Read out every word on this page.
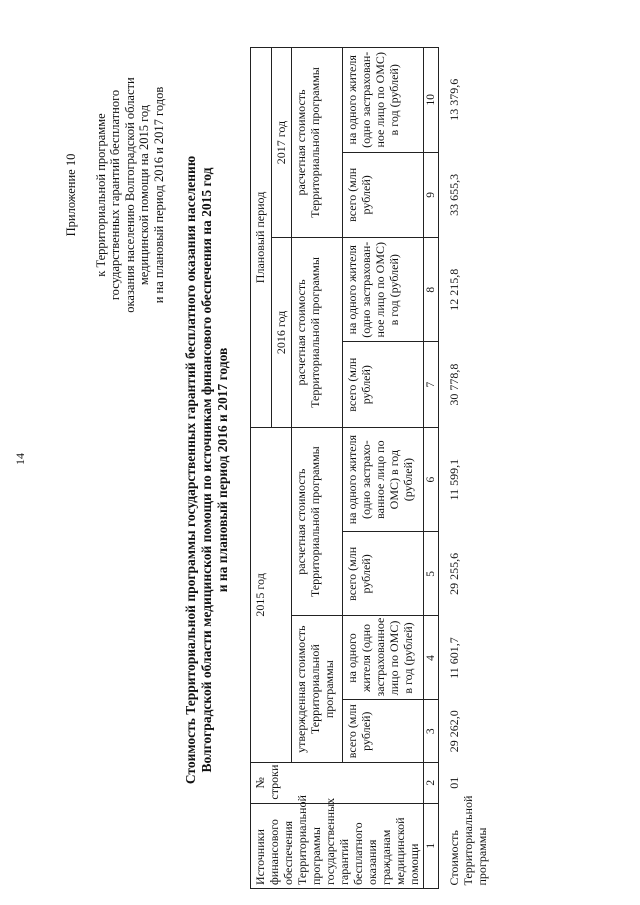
14
Приложение 10 к Территориальной программе государственных гарантий бесплатного оказания населению Волгоградской области медицинской помощи на 2015 год и на плановый период 2016 и 2017 годов Стоимость Территориальной программы государственных гарантий бесплатного оказания населению Волгоградской области медицинской помощи по источникам финансового обеспечения на 2015 год и на плановый период 2016 и 2017 годов
Источники финансового обеспечения Территориальной программы государственных гарантий бесплатного оказания гражданам медицинской помощи	№ строки	2015 год				Плановый период			
						2016 год		2017 год	
		утвержденная стоимость Территориальной программы		расчетная стоимость Территориальной программы		расчетная стоимость Территориальной программы		расчетная стоимость Территориальной программы	
		всего (млн рублей)	на одного жителя (одно застрахованное лицо по ОМС) в год (рублей)	всего (млн рублей)	на одного жителя (одно застрахо-ванное лицо по ОМС) в год (рублей)	всего (млн рублей)	на одного жителя (одно застрахован-ное лицо по ОМС) в год (рублей)	всего (млн рублей)	на одного жителя (одно застрахован-ное лицо по ОМС) в год (рублей)
1	2	3	4	5	6	7	8	9	10
Стоимость Территориальной программы	01	29 262,0	11 601,7	29 255,6	11 599,1	30 778,8	12 215,8	33 655,3	13 379,6
